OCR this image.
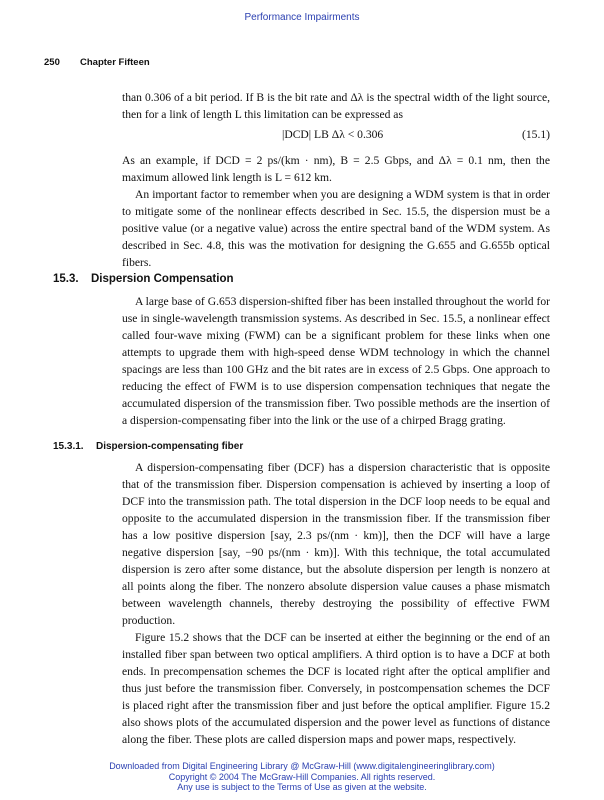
Performance Impairments
250 Chapter Fifteen

than 0.306 of a bit period. If B is the bit rate and Δλ is the spectral width of the light source, then for a link of length L this limitation can be expressed as

|DCD| LB Δλ < 0.306	(15.1)

As an example, if DCD = 2 ps/(km · nm), B = 2.5 Gbps, and Δλ = 0.1 nm, then the maximum allowed link length is L = 612 km.

An important factor to remember when you are designing a WDM system is that in order to mitigate some of the nonlinear effects described in Sec. 15.5, the dispersion must be a positive value (or a negative value) across the entire spectral band of the WDM system. As described in Sec. 4.8, this was the motivation for designing the G.655 and G.655b optical fibers.

15.3. Dispersion Compensation

A large base of G.653 dispersion-shifted fiber has been installed throughout the world for use in single-wavelength transmission systems. As described in Sec. 15.5, a nonlinear effect called four-wave mixing (FWM) can be a significant problem for these links when one attempts to upgrade them with high-speed dense WDM technology in which the channel spacings are less than 100 GHz and the bit rates are in excess of 2.5 Gbps. One approach to reducing the effect of FWM is to use dispersion compensation techniques that negate the accumulated dispersion of the transmission fiber. Two possible methods are the insertion of a dispersion-compensating fiber into the link or the use of a chirped Bragg grating.

15.3.1. Dispersion-compensating fiber

A dispersion-compensating fiber (DCF) has a dispersion characteristic that is opposite that of the transmission fiber. Dispersion compensation is achieved by inserting a loop of DCF into the transmission path. The total dispersion in the DCF loop needs to be equal and opposite to the accumulated dispersion in the transmission fiber. If the transmission fiber has a low positive dispersion [say, 2.3 ps/(nm · km)], then the DCF will have a large negative dispersion [say, −90 ps/(nm · km)]. With this technique, the total accumulated dispersion is zero after some distance, but the absolute dispersion per length is nonzero at all points along the fiber. The nonzero absolute dispersion value causes a phase mismatch between wavelength channels, thereby destroying the possibility of effective FWM production.

Figure 15.2 shows that the DCF can be inserted at either the beginning or the end of an installed fiber span between two optical amplifiers. A third option is to have a DCF at both ends. In precompensation schemes the DCF is located right after the optical amplifier and thus just before the transmission fiber. Conversely, in postcompensation schemes the DCF is placed right after the transmission fiber and just before the optical amplifier. Figure 15.2 also shows plots of the accumulated dispersion and the power level as functions of distance along the fiber. These plots are called dispersion maps and power maps, respectively.

Downloaded from Digital Engineering Library @ McGraw-Hill (www.digitalengineeringlibrary.com)
Copyright © 2004 The McGraw-Hill Companies. All rights reserved.
Any use is subject to the Terms of Use as given at the website.
